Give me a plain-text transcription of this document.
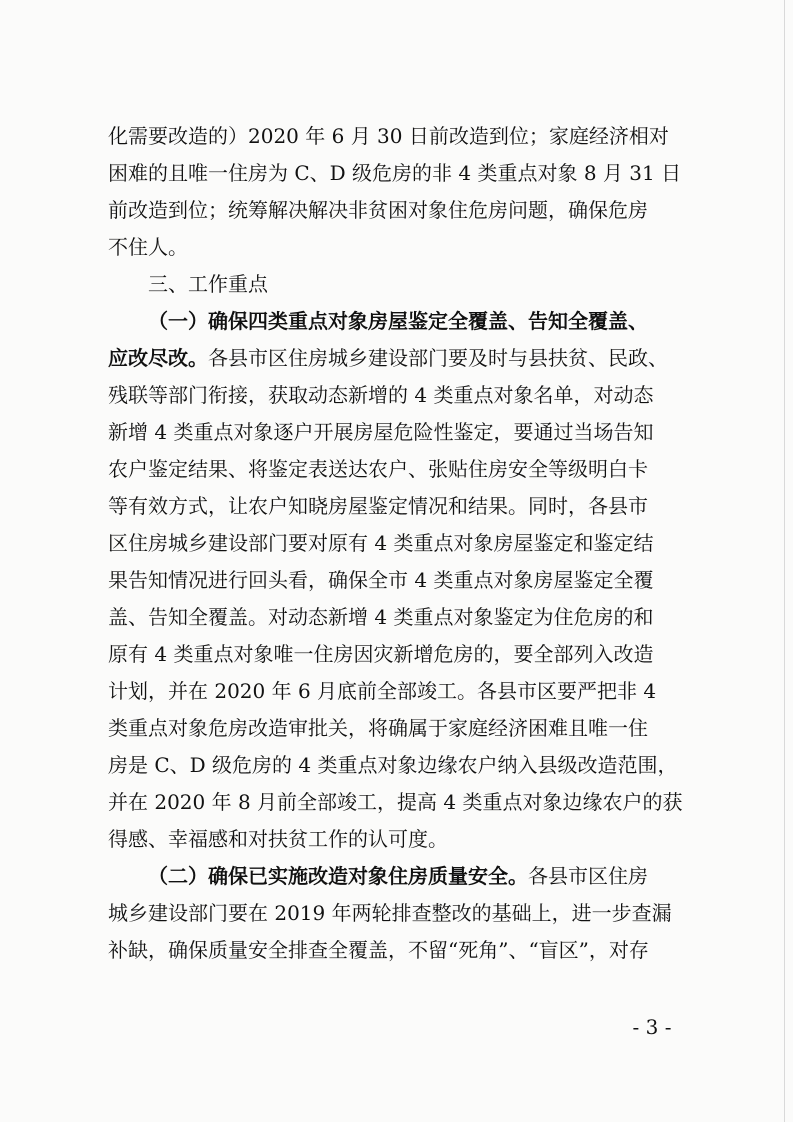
化需要改造的）2020 年 6 月 30 日前改造到位；家庭经济相对
困难的且唯一住房为 C、D 级危房的非 4 类重点对象 8 月 31 日
前改造到位；统筹解决解决非贫困对象住危房问题，确保危房
不住人。
三、工作重点
（一）确保四类重点对象房屋鉴定全覆盖、告知全覆盖、
应改尽改。各县市区住房城乡建设部门要及时与县扶贫、民政、
残联等部门衔接，获取动态新增的 4 类重点对象名单，对动态
新增 4 类重点对象逐户开展房屋危险性鉴定，要通过当场告知
农户鉴定结果、将鉴定表送达农户、张贴住房安全等级明白卡
等有效方式，让农户知晓房屋鉴定情况和结果。同时，各县市
区住房城乡建设部门要对原有 4 类重点对象房屋鉴定和鉴定结
果告知情况进行回头看，确保全市 4 类重点对象房屋鉴定全覆
盖、告知全覆盖。对动态新增 4 类重点对象鉴定为住危房的和
原有 4 类重点对象唯一住房因灾新增危房的，要全部列入改造
计划，并在 2020 年 6 月底前全部竣工。各县市区要严把非 4
类重点对象危房改造审批关，将确属于家庭经济困难且唯一住
房是 C、D 级危房的 4 类重点对象边缘农户纳入县级改造范围，
并在 2020 年 8 月前全部竣工，提高 4 类重点对象边缘农户的获
得感、幸福感和对扶贫工作的认可度。
（二）确保已实施改造对象住房质量安全。各县市区住房
城乡建设部门要在 2019 年两轮排查整改的基础上，进一步查漏
补缺，确保质量安全排查全覆盖，不留“死角”、“盲区”，对存
- 3 -
